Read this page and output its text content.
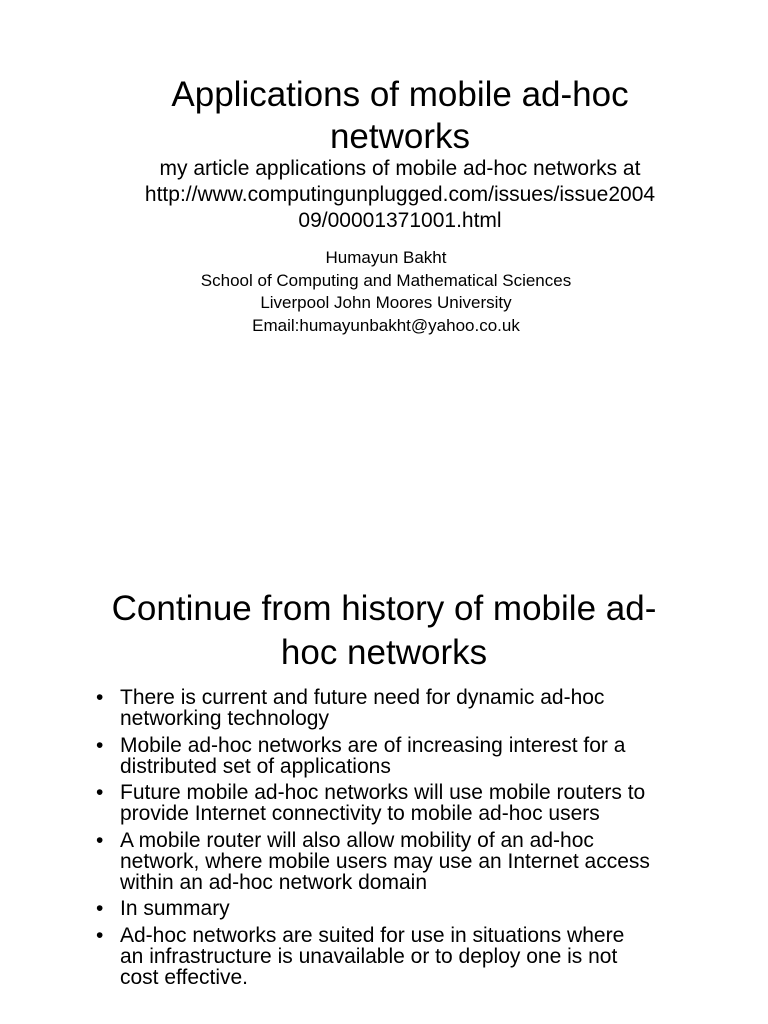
Applications of mobile ad-hoc
networks
my article applications of mobile ad-hoc networks at
http://www.computingunplugged.com/issues/issue2004
09/00001371001.html
Humayun Bakht
School of Computing and Mathematical Sciences
Liverpool John Moores University
Email:humayunbakht@yahoo.co.uk
Continue from history of mobile ad-
hoc networks
• There is current and future need for dynamic ad-hoc
networking technology
• Mobile ad-hoc networks are of increasing interest for a
distributed set of applications
• Future mobile ad-hoc networks will use mobile routers to
provide Internet connectivity to mobile ad-hoc users
• A mobile router will also allow mobility of an ad-hoc
network, where mobile users may use an Internet access
within an ad-hoc network domain
• In summary
• Ad-hoc networks are suited for use in situations where
an infrastructure is unavailable or to deploy one is not
cost effective.
